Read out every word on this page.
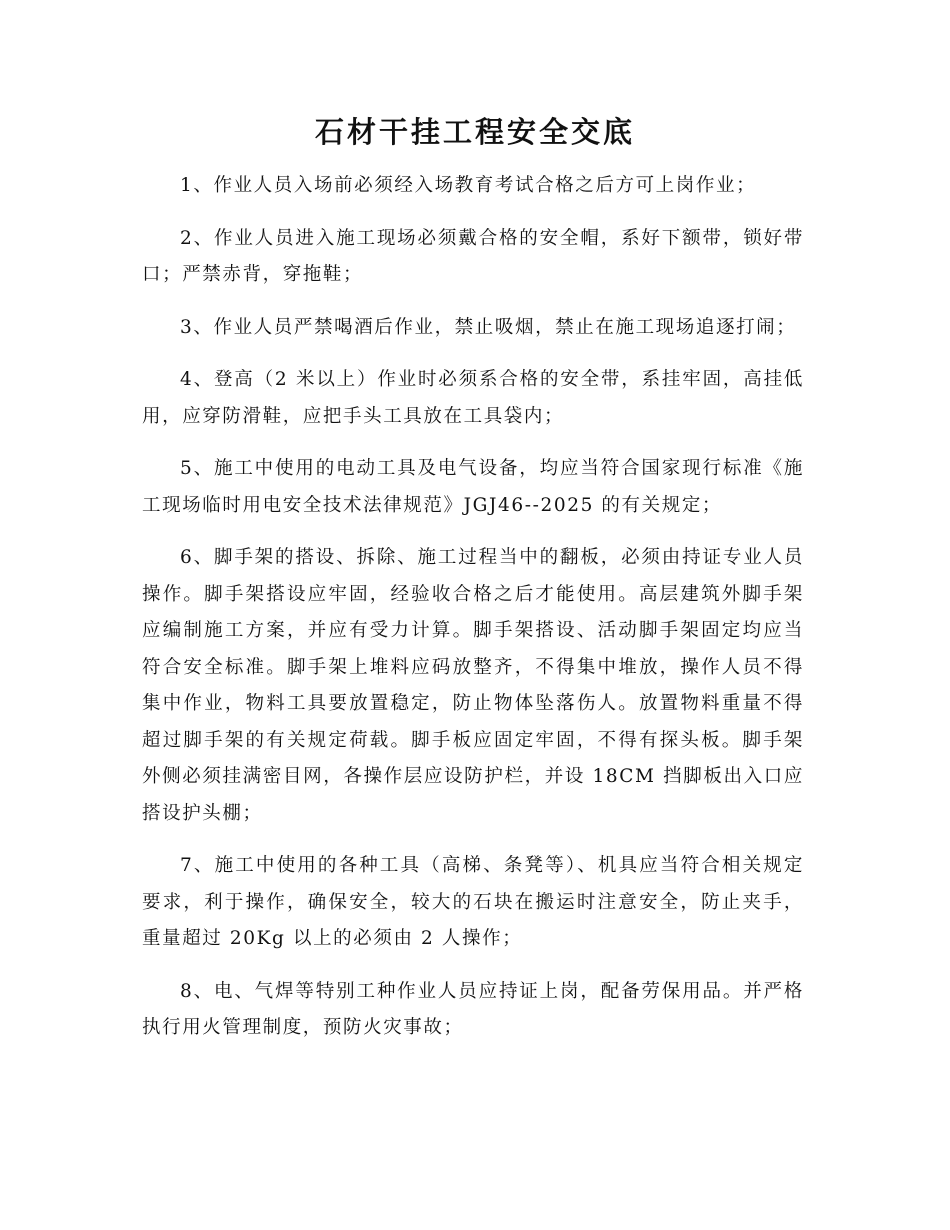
石材干挂工程安全交底

1、作业人员入场前必须经入场教育考试合格之后方可上岗作业；

2、作业人员进入施工现场必须戴合格的安全帽，系好下额带，锁好带口；严禁赤背，穿拖鞋；

3、作业人员严禁喝酒后作业，禁止吸烟，禁止在施工现场追逐打闹；

4、登高（2 米以上）作业时必须系合格的安全带，系挂牢固，高挂低用，应穿防滑鞋，应把手头工具放在工具袋内；

5、施工中使用的电动工具及电气设备，均应当符合国家现行标准《施工现场临时用电安全技术法律规范》JGJ46--2025 的有关规定；

6、脚手架的搭设、拆除、施工过程当中的翻板，必须由持证专业人员操作。脚手架搭设应牢固，经验收合格之后才能使用。高层建筑外脚手架应编制施工方案，并应有受力计算。脚手架搭设、活动脚手架固定均应当符合安全标准。脚手架上堆料应码放整齐，不得集中堆放，操作人员不得集中作业，物料工具要放置稳定，防止物体坠落伤人。放置物料重量不得超过脚手架的有关规定荷载。脚手板应固定牢固，不得有探头板。脚手架外侧必须挂满密目网，各操作层应设防护栏，并设 18CM 挡脚板出入口应搭设护头棚；

7、施工中使用的各种工具（高梯、条凳等）、机具应当符合相关规定要求，利于操作，确保安全，较大的石块在搬运时注意安全，防止夹手，重量超过 20Kg 以上的必须由 2 人操作；

8、电、气焊等特别工种作业人员应持证上岗，配备劳保用品。并严格执行用火管理制度，预防火灾事故；
